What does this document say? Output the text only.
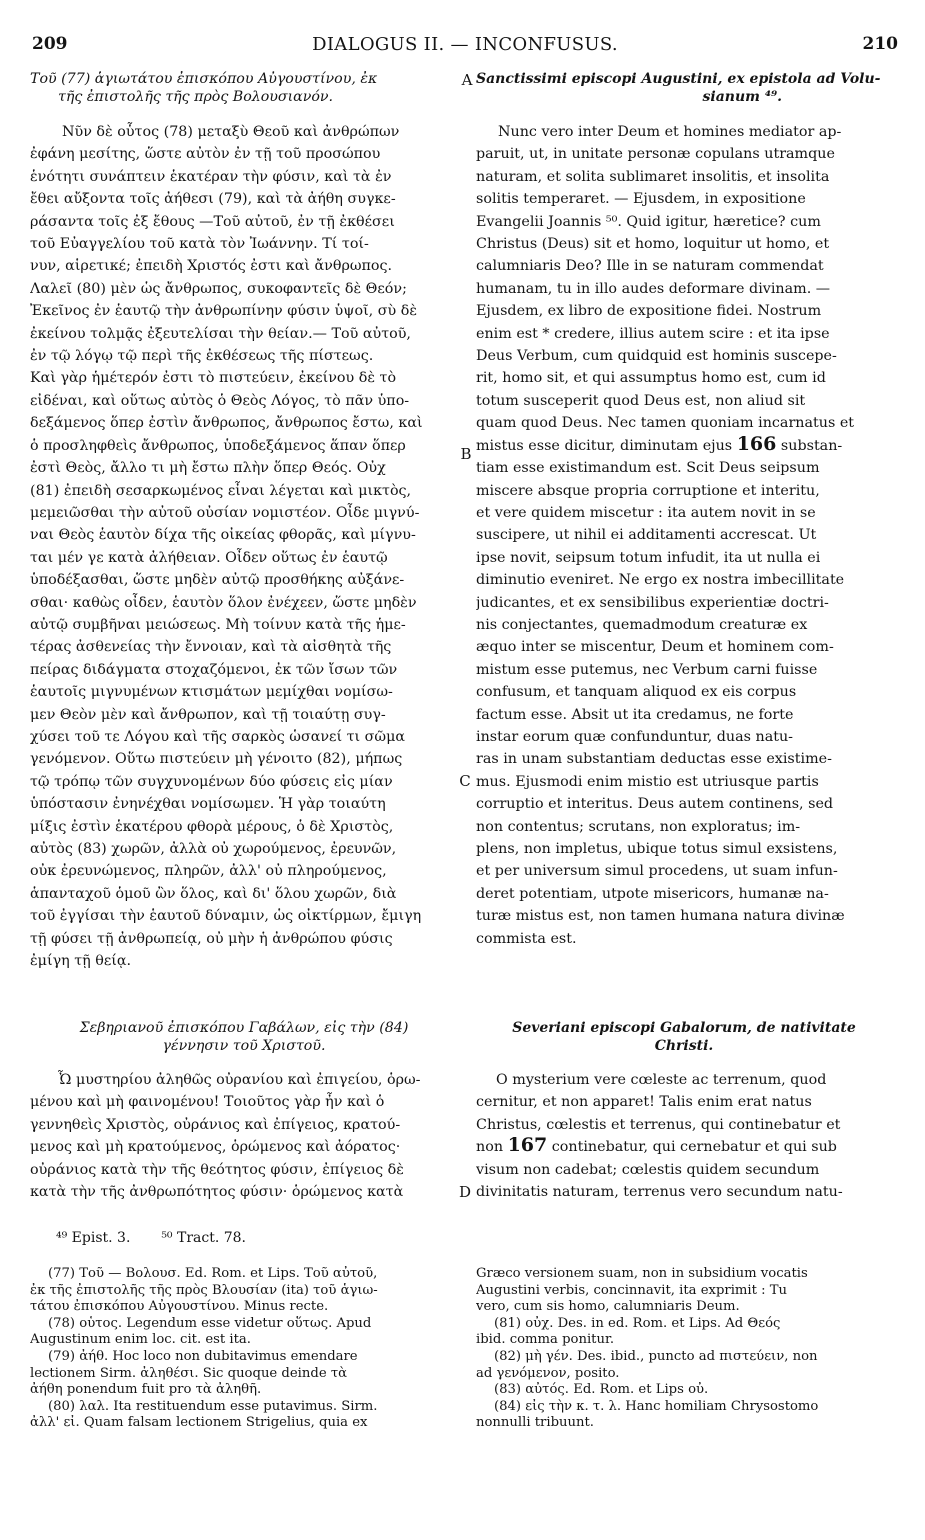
209	DIALOGUS II. — INCONFUSUS.	210
Τοῦ (77) ἁγιωτάτου ἐπισκόπου Αὐγουστίνου, ἐκ
τῆς ἐπιστολῆς τῆς πρὸς Βολουσιανόν.
Sanctissimi episcopi Augustini, ex epistola ad Volu-
sianum ⁴⁹.
Νῦν δὲ οὗτος (78) μεταξὺ Θεοῦ καὶ ἀνθρώπων
ἐφάνη μεσίτης, ὥστε αὐτὸν ἐν τῇ τοῦ προσώπου
ἑνότητι συνάπτειν ἑκατέραν τὴν φύσιν, καὶ τὰ ἐν
ἔθει αὔξοντα τοῖς ἀήθεσι (79), καὶ τὰ ἀήθη συγκε-
ράσαντα τοῖς ἐξ ἔθους —Τοῦ αὐτοῦ, ἐν τῇ ἐκθέσει
τοῦ Εὐαγγελίου τοῦ κατὰ τὸν Ἰωάννην. Τί τοί-
νυν, αἱρετικέ; ἐπειδὴ Χριστός ἐστι καὶ ἄνθρωπος.
Λαλεῖ (80) μὲν ὡς ἄνθρωπος, συκοφαντεῖς δὲ Θεόν;
Ἐκεῖνος ἐν ἑαυτῷ τὴν ἀνθρωπίνην φύσιν ὑψοῖ, σὺ δὲ
ἐκείνου τολμᾷς ἐξευτελίσαι τὴν θείαν.— Τοῦ αὐτοῦ,
ἐν τῷ λόγῳ τῷ περὶ τῆς ἐκθέσεως τῆς πίστεως.
Καὶ γὰρ ἡμέτερόν ἐστι τὸ πιστεύειν, ἐκείνου δὲ τὸ
εἰδέναι, καὶ οὕτως αὐτὸς ὁ Θεὸς Λόγος, τὸ πᾶν ὑπο-
δεξάμενος ὅπερ ἐστὶν ἄνθρωπος, ἄνθρωπος ἔστω, καὶ
ὁ προσληφθεὶς ἄνθρωπος, ὑποδεξάμενος ἅπαν ὅπερ
ἐστὶ Θεὸς, ἄλλο τι μὴ ἔστω πλὴν ὅπερ Θεός. Οὐχ
(81) ἐπειδὴ σεσαρκωμένος εἶναι λέγεται καὶ μικτὸς,
μεμειῶσθαι τὴν αὐτοῦ οὐσίαν νομιστέον. Οἶδε μιγνύ-
ναι Θεὸς ἑαυτὸν δίχα τῆς οἰκείας φθορᾶς, καὶ μίγνυ-
ται μέν γε κατὰ ἀλήθειαν. Οἶδεν οὕτως ἐν ἑαυτῷ
ὑποδέξασθαι, ὥστε μηδὲν αὐτῷ προσθήκης αὐξάνε-
σθαι· καθὼς οἶδεν, ἑαυτὸν ὅλον ἐνέχεεν, ὥστε μηδὲν
αὐτῷ συμβῆναι μειώσεως. Μὴ τοίνυν κατὰ τῆς ἡμε-
τέρας ἀσθενείας τὴν ἔννοιαν, καὶ τὰ αἰσθητὰ τῆς
πείρας διδάγματα στοχαζόμενοι, ἐκ τῶν ἴσων τῶν
ἑαυτοῖς μιγνυμένων κτισμάτων μεμίχθαι νομίσω-
μεν Θεὸν μὲν καὶ ἄνθρωπον, καὶ τῇ τοιαύτῃ συγ-
χύσει τοῦ τε Λόγου καὶ τῆς σαρκὸς ὡσανεί τι σῶμα
γενόμενον. Οὕτω πιστεύειν μὴ γένοιτο (82), μήπως
τῷ τρόπῳ τῶν συγχυνομένων δύο φύσεις εἰς μίαν
ὑπόστασιν ἐνηνέχθαι νομίσωμεν. Ἡ γὰρ τοιαύτη
μίξις ἐστὶν ἑκατέρου φθορὰ μέρους, ὁ δὲ Χριστὸς,
αὐτὸς (83) χωρῶν, ἀλλὰ οὐ χωρούμενος, ἐρευνῶν,
οὐκ ἐρευνώμενος, πληρῶν, ἀλλ' οὐ πληρούμενος,
ἁπανταχοῦ ὁμοῦ ὢν ὅλος, καὶ δι' ὅλου χωρῶν, διὰ
τοῦ ἐγγίσαι τὴν ἑαυτοῦ δύναμιν, ὡς οἰκτίρμων, ἔμιγη
τῇ φύσει τῇ ἀνθρωπείᾳ, οὐ μὴν ἡ ἀνθρώπου φύσις
ἐμίγη τῇ θείᾳ.
Nunc vero inter Deum et homines mediator ap-
paruit, ut, in unitate personæ copulans utramque
naturam, et solita sublimaret insolitis, et insolita
solitis temperaret. — Ejusdem, in expositione
Evangelii Joannis ⁵⁰. Quid igitur, hæretice? cum
Christus (Deus) sit et homo, loquitur ut homo, et
calumniaris Deo? Ille in se naturam commendat
humanam, tu in illo audes deformare divinam. —
Ejusdem, ex libro de expositione fidei. Nostrum
enim est * credere, illius autem scire : et ita ipse
Deus Verbum, cum quidquid est hominis suscepe-
rit, homo sit, et qui assumptus homo est, cum id
totum susceperit quod Deus est, non aliud sit
quam quod Deus. Nec tamen quoniam incarnatus et
mistus esse dicitur, diminutam ejus 166 substan-
tiam esse existimandum est. Scit Deus seipsum
miscere absque propria corruptione et interitu,
et vere quidem miscetur : ita autem novit in se
suscipere, ut nihil ei additamenti accrescat. Ut
ipse novit, seipsum totum infudit, ita ut nulla ei
diminutio eveniret. Ne ergo ex nostra imbecillitate
judicantes, et ex sensibilibus experientiæ doctri-
nis conjectantes, quemadmodum creaturæ ex
æquo inter se miscentur, Deum et hominem com-
mistum esse putemus, nec Verbum carni fuisse
confusum, et tanquam aliquod ex eis corpus
factum esse. Absit ut ita credamus, ne forte
instar eorum quæ confunduntur, duas natu-
ras in unam substantiam deductas esse existime-
mus. Ejusmodi enim mistio est utriusque partis
corruptio et interitus. Deus autem continens, sed
non contentus; scrutans, non exploratus; im-
plens, non impletus, ubique totus simul exsistens,
et per universum simul procedens, ut suam infun-
deret potentiam, utpote misericors, humanæ na-
turæ mistus est, non tamen humana natura divinæ
commista est.
Σεβηριανοῦ ἐπισκόπου Γαβάλων, εἰς τὴν (84)
γέννησιν τοῦ Χριστοῦ.
Severiani episcopi Gabalorum, de nativitate
Christi.
Ὦ μυστηρίου ἀληθῶς οὐρανίου καὶ ἐπιγείου, ὁρω-
μένου καὶ μὴ φαινομένου! Τοιοῦτος γὰρ ἦν καὶ ὁ
γεννηθεὶς Χριστὸς, οὐράνιος καὶ ἐπίγειος, κρατού-
μενος καὶ μὴ κρατούμενος, ὁρώμενος καὶ ἀόρατος·
οὐράνιος κατὰ τὴν τῆς θεότητος φύσιν, ἐπίγειος δὲ
κατὰ τὴν τῆς ἀνθρωπότητος φύσιν· ὁρώμενος κατὰ
O mysterium vere cœleste ac terrenum, quod
cernitur, et non apparet! Talis enim erat natus
Christus, cœlestis et terrenus, qui continebatur et
non 167 continebatur, qui cernebatur et qui sub
visum non cadebat; cœlestis quidem secundum
divinitatis naturam, terrenus vero secundum natu-
A
B
C
D
⁴⁹ Epist. 3. ⁵⁰ Tract. 78.
(77) Τοῦ — Βολουσ. Ed. Rom. et Lips. Τοῦ αὐτοῦ,
ἐκ τῆς ἐπιστολῆς τῆς πρὸς Βλουσίαν (ita) τοῦ ἁγιω-
τάτου ἐπισκόπου Αὐγουστίνου. Minus recte.
(78) οὗτος. Legendum esse videtur οὕτως. Apud
Augustinum enim loc. cit. est ita.
(79) ἀήθ. Hoc loco non dubitavimus emendare
lectionem Sirm. ἀληθέσι. Sic quoque deinde τὰ
ἀήθη ponendum fuit pro τὰ ἀληθῆ.
(80) λαλ. Ita restituendum esse putavimus. Sirm.
ἀλλ' εἰ. Quam falsam lectionem Strigelius, quia ex
Græco versionem suam, non in subsidium vocatis
Augustini verbis, concinnavit, ita exprimit : Tu
vero, cum sis homo, calumniaris Deum.
(81) οὐχ. Des. in ed. Rom. et Lips. Ad Θεός
ibid. comma ponitur.
(82) μὴ γέν. Des. ibid., puncto ad πιστεύειν, non
ad γενόμενον, posito.
(83) αὐτός. Ed. Rom. et Lips οὐ.
(84) εἰς τὴν κ. τ. λ. Hanc homiliam Chrysostomo
nonnulli tribuunt.
